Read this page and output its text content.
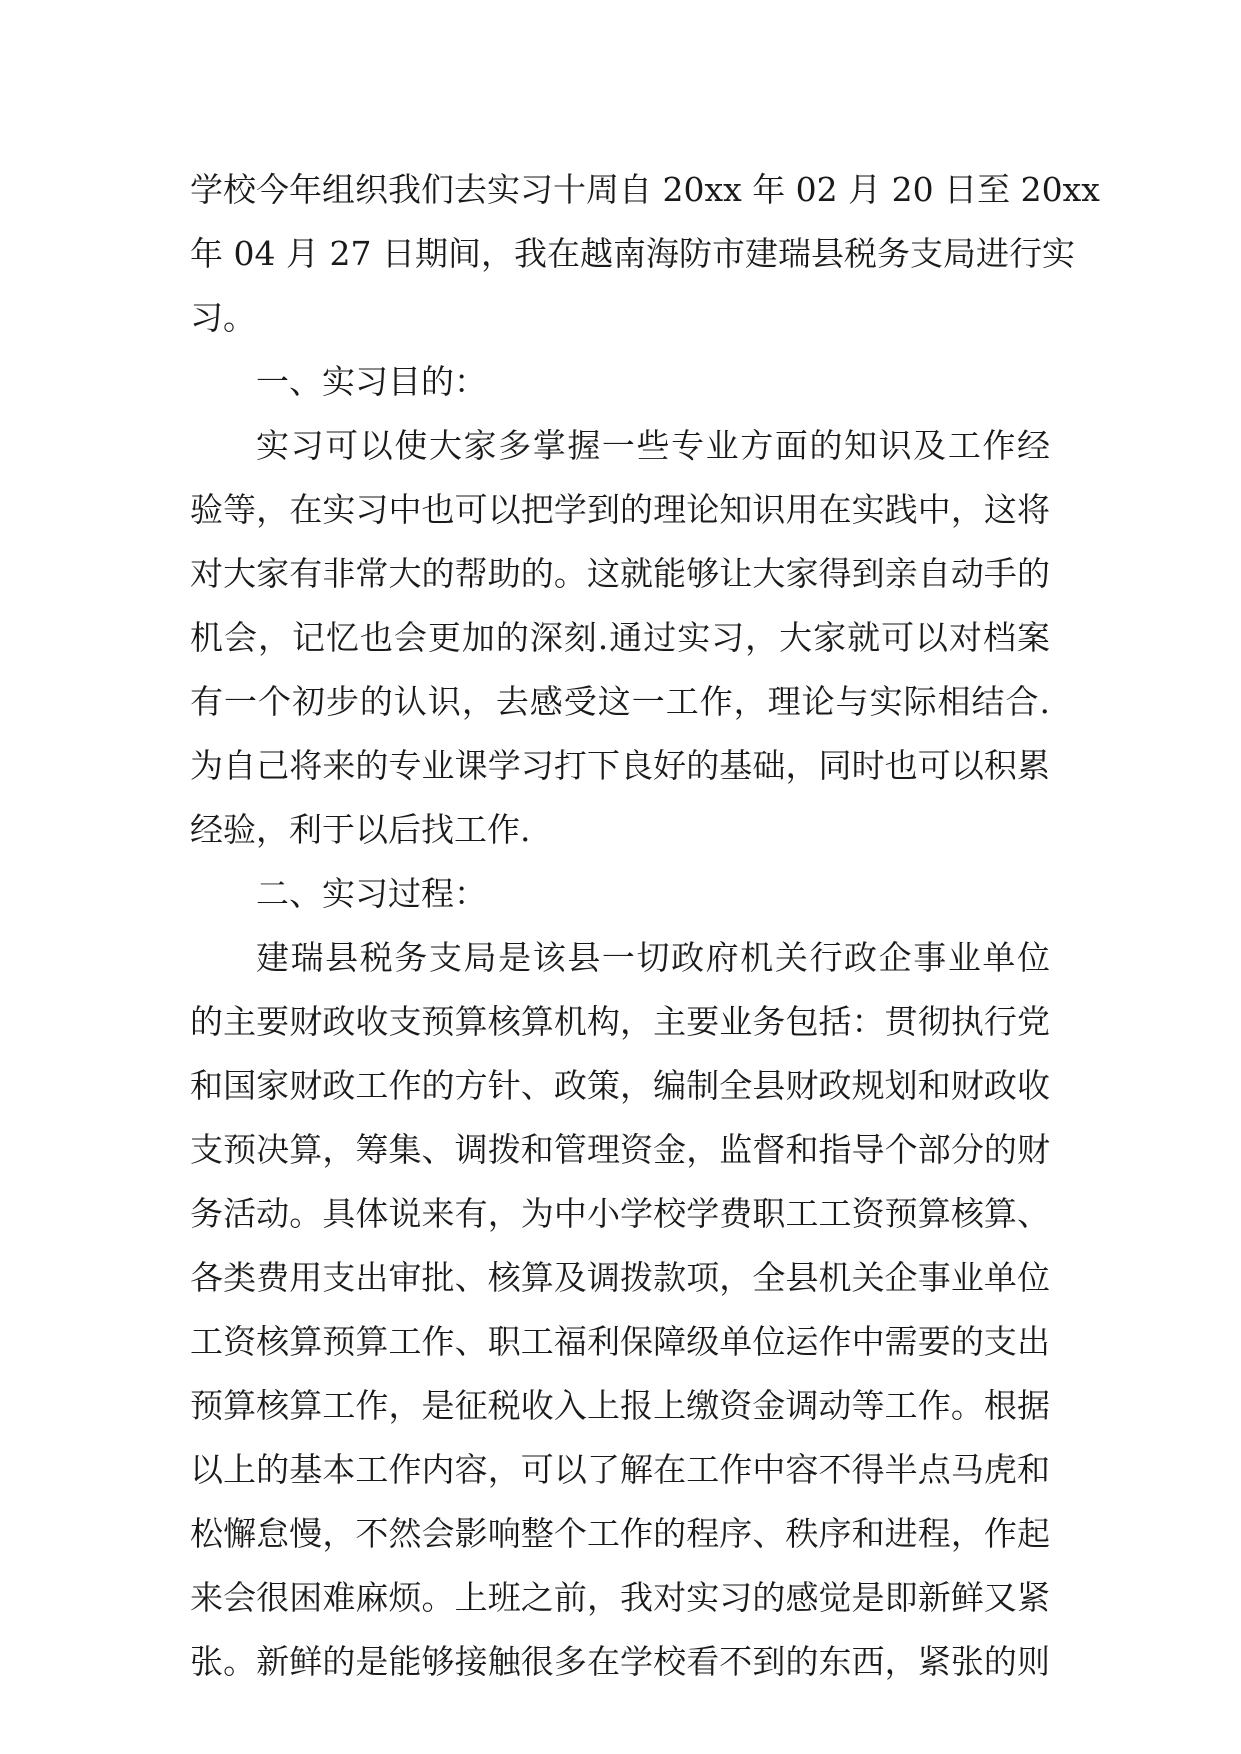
学校今年组织我们去实习十周自 20xx 年 02 月 20 日至 20xx
年 04 月 27 日期间，我在越南海防市建瑞县税务支局进行实
习。
一、实习目的：
实习可以使大家多掌握一些专业方面的知识及工作经
验等，在实习中也可以把学到的理论知识用在实践中，这将
对大家有非常大的帮助的。这就能够让大家得到亲自动手的
机会，记忆也会更加的深刻.通过实习，大家就可以对档案
有一个初步的认识，去感受这一工作，理论与实际相结合.
为自己将来的专业课学习打下良好的基础，同时也可以积累
经验，利于以后找工作.
二、实习过程：
建瑞县税务支局是该县一切政府机关行政企事业单位
的主要财政收支预算核算机构，主要业务包括：贯彻执行党
和国家财政工作的方针、政策，编制全县财政规划和财政收
支预决算，筹集、调拨和管理资金，监督和指导个部分的财
务活动。具体说来有，为中小学校学费职工工资预算核算、
各类费用支出审批、核算及调拨款项，全县机关企事业单位
工资核算预算工作、职工福利保障级单位运作中需要的支出
预算核算工作，是征税收入上报上缴资金调动等工作。根据
以上的基本工作内容，可以了解在工作中容不得半点马虎和
松懈怠慢，不然会影响整个工作的程序、秩序和进程，作起
来会很困难麻烦。上班之前，我对实习的感觉是即新鲜又紧
张。新鲜的是能够接触很多在学校看不到的东西，紧张的则
